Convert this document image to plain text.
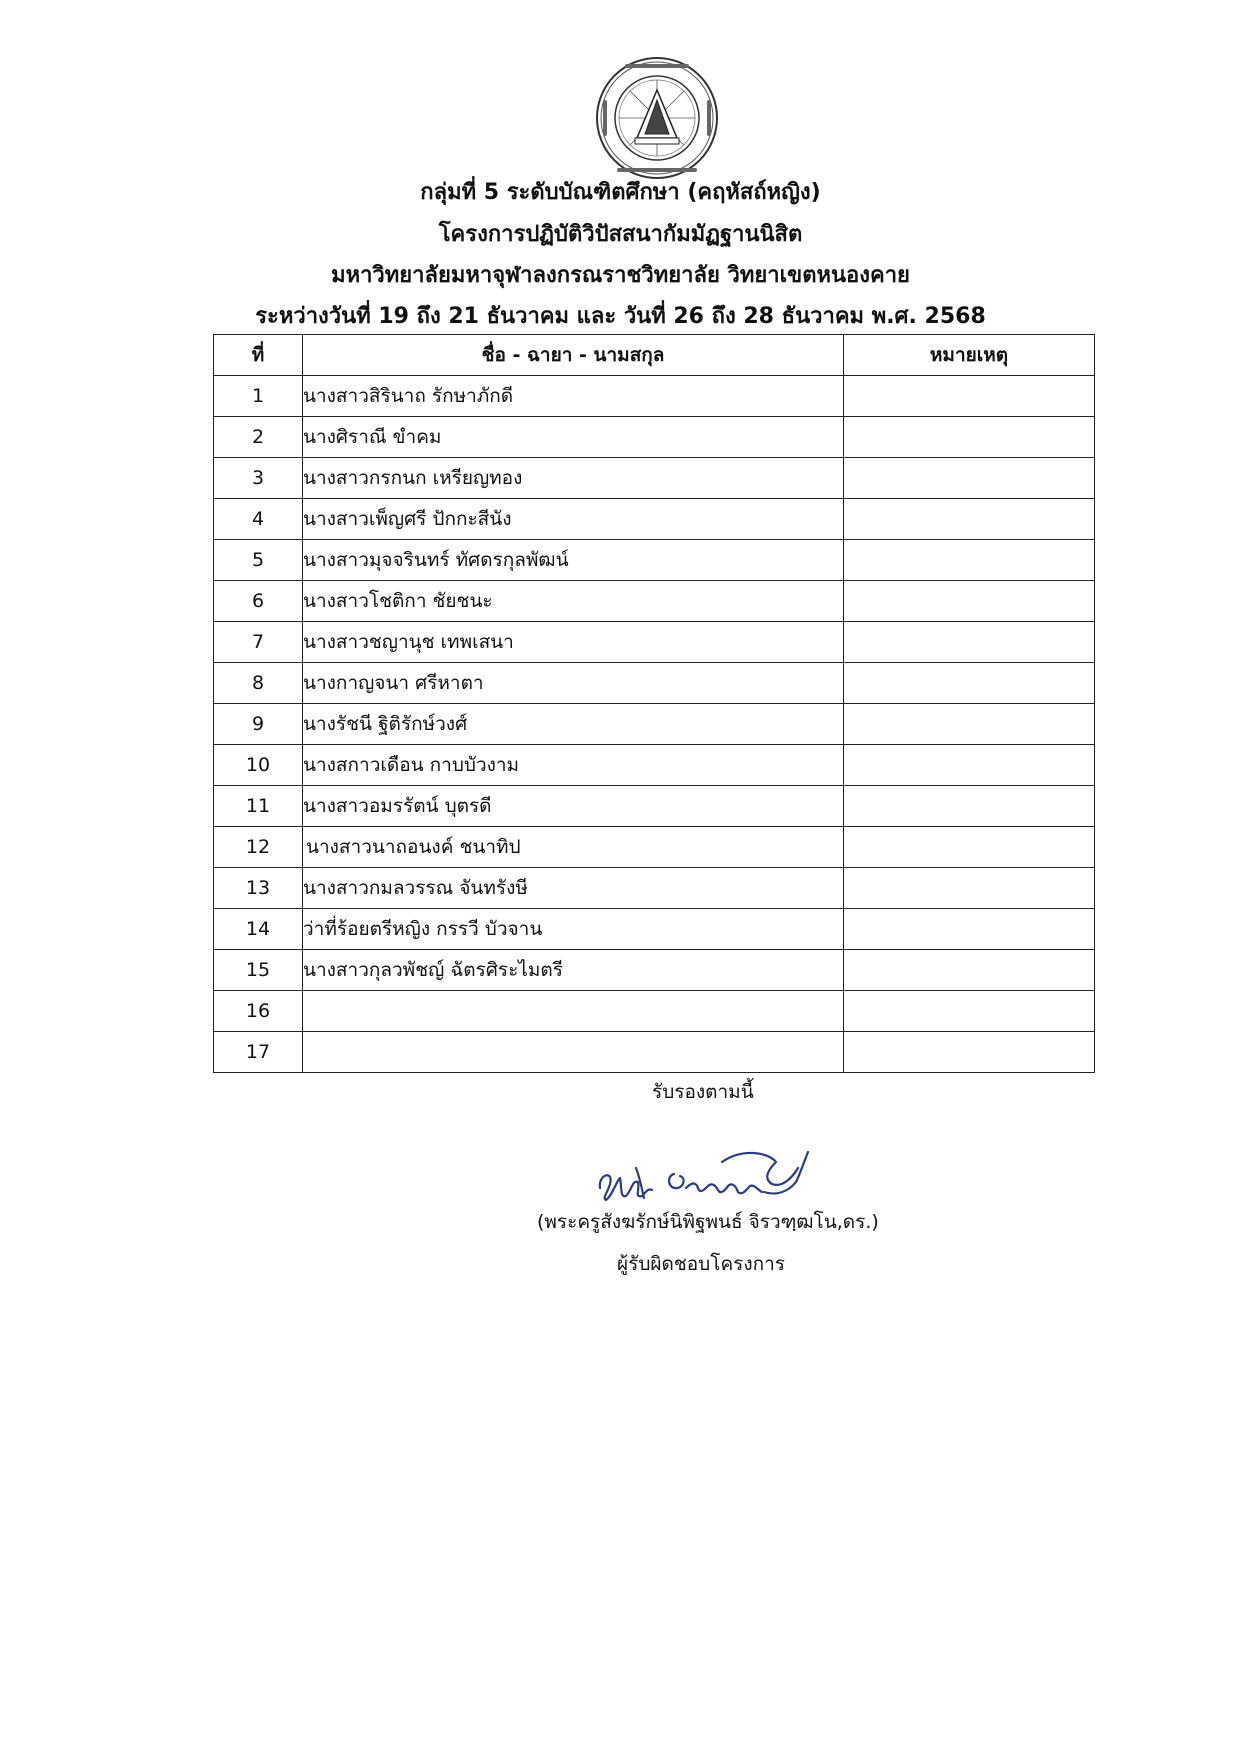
กลุ่มที่ 5 ระดับบัณฑิตศึกษา (คฤหัสถ์หญิง)
โครงการปฏิบัติวิปัสสนากัมมัฏฐานนิสิต
มหาวิทยาลัยมหาจุฬาลงกรณราชวิทยาลัย วิทยาเขตหนองคาย
ระหว่างวันที่ 19 ถึง 21 ธันวาคม และ วันที่ 26 ถึง 28 ธันวาคม พ.ศ. 2568
ที่	ชื่อ - ฉายา - นามสกุล	หมายเหตุ
1	นางสาวสิรินาถ รักษาภักดี	
2	นางศิราณี ขำคม	
3	นางสาวกรกนก เหรียญทอง	
4	นางสาวเพ็ญศรี ปักกะสีนัง	
5	นางสาวมุจจรินทร์ ทัศดรกุลพัฒน์	
6	นางสาวโชติกา ชัยชนะ	
7	นางสาวชญานุช เทพเสนา	
8	นางกาญจนา ศรีหาตา	
9	นางรัชนี ฐิติรักษ์วงศ์	
10	นางสกาวเดือน กาบบัวงาม	
11	นางสาวอมรรัตน์ บุตรดี	
12	นางสาวนาถอนงค์ ชนาทิป	
13	นางสาวกมลวรรณ จันทรังษี	
14	ว่าที่ร้อยตรีหญิง กรรวี บัวจาน	
15	นางสาวกุลวพัชญ์ ฉัตรศิระไมตรี	
16		
17		
รับรองตามนี้
(พระครูสังฆรักษ์นิพิฐพนธ์ จิรวฑฺฒโน,ดร.)
ผู้รับผิดชอบโครงการ
